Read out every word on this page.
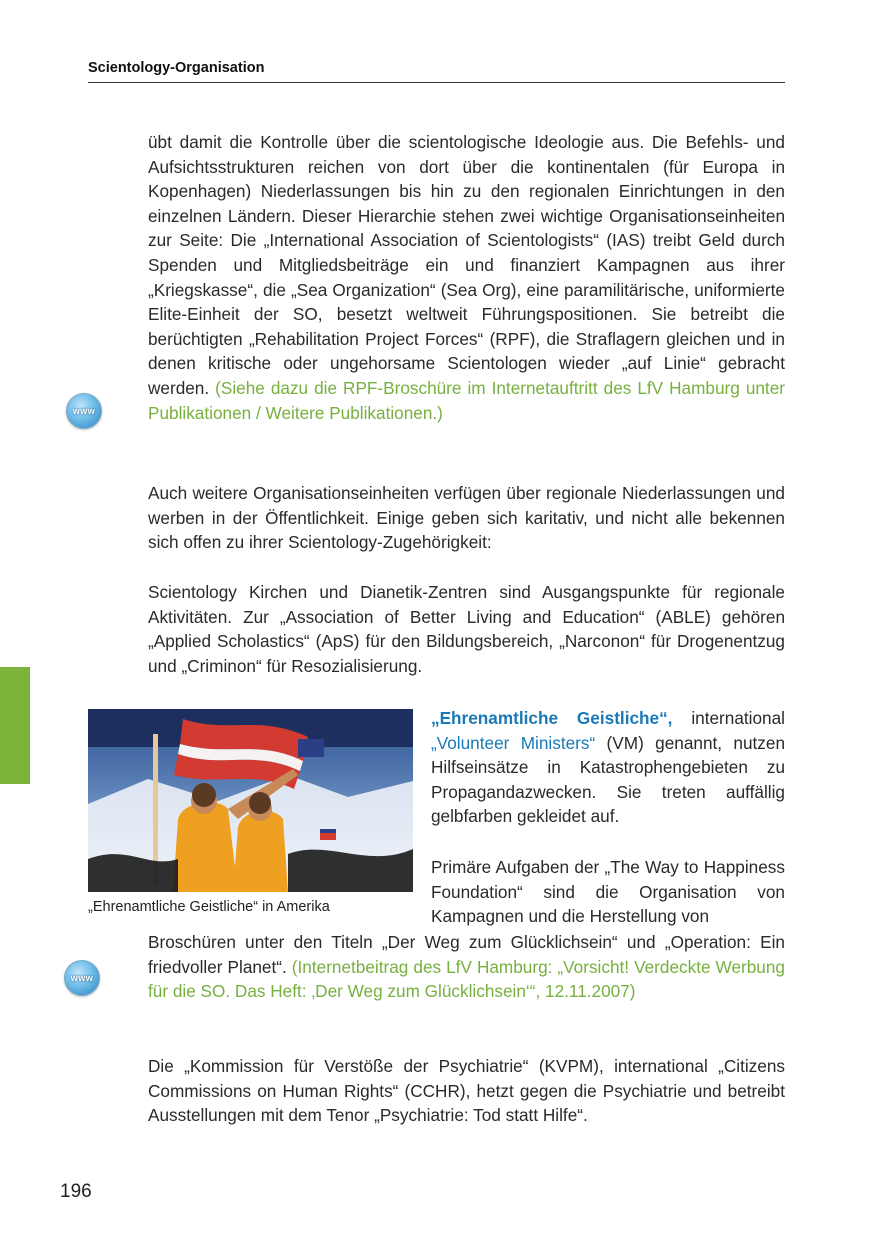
Scientology-Organisation

übt damit die Kontrolle über die scientologische Ideologie aus. Die Befehls- und Aufsichtsstrukturen reichen von dort über die kontinentalen (für Europa in Kopenhagen) Niederlassungen bis hin zu den regionalen Einrichtungen in den einzelnen Ländern. Dieser Hierarchie stehen zwei wichtige Organisationseinheiten zur Seite: Die „International Association of Scientologists“ (IAS) treibt Geld durch Spenden und Mitgliedsbeiträge ein und finanziert Kampagnen aus ihrer „Kriegskasse“, die „Sea Organization“ (Sea Org), eine paramilitärische, uniformierte Elite-Einheit der SO, besetzt weltweit Führungspositionen. Sie betreibt die berüchtigten „Rehabilitation Project Forces“ (RPF), die Straflagern gleichen und in denen kritische oder ungehorsame Scientologen wieder „auf Linie“ gebracht werden. (Siehe dazu die RPF-Broschüre im Internetauftritt des LfV Hamburg unter Publikationen / Weitere Publikationen.)

www

Auch weitere Organisationseinheiten verfügen über regionale Niederlassungen und werben in der Öffentlichkeit. Einige geben sich karitativ, und nicht alle bekennen sich offen zu ihrer Scientology-Zugehörigkeit:

Scientology Kirchen und Dianetik-Zentren sind Ausgangspunkte für regionale Aktivitäten. Zur „Association of Better Living and Education“ (ABLE) gehören „Applied Scholastics“ (ApS) für den Bildungsbereich, „Narconon“ für Drogenentzug und „Criminon“ für Resozialisierung.

„Ehrenamtliche Geistliche“ in Amerika

„Ehrenamtliche Geistliche“, international „Volunteer Ministers“ (VM) genannt, nutzen Hilfseinsätze in Katastrophengebieten zu Propagandazwecken. Sie treten auffällig gelbfarben gekleidet auf.

Primäre Aufgaben der „The Way to Happiness Foundation“ sind die Organisation von Kampagnen und die Herstellung von

Broschüren unter den Titeln „Der Weg zum Glücklichsein“ und „Operation: Ein friedvoller Planet“. (Internetbeitrag des LfV Hamburg: „Vorsicht! Verdeckte Werbung für die SO. Das Heft: ‚Der Weg zum Glücklichsein‘“, 12.11.2007)

www

Die „Kommission für Verstöße der Psychiatrie“ (KVPM), international „Citizens Commissions on Human Rights“ (CCHR), hetzt gegen die Psychiatrie und betreibt Ausstellungen mit dem Tenor „Psychiatrie: Tod statt Hilfe“.

196
